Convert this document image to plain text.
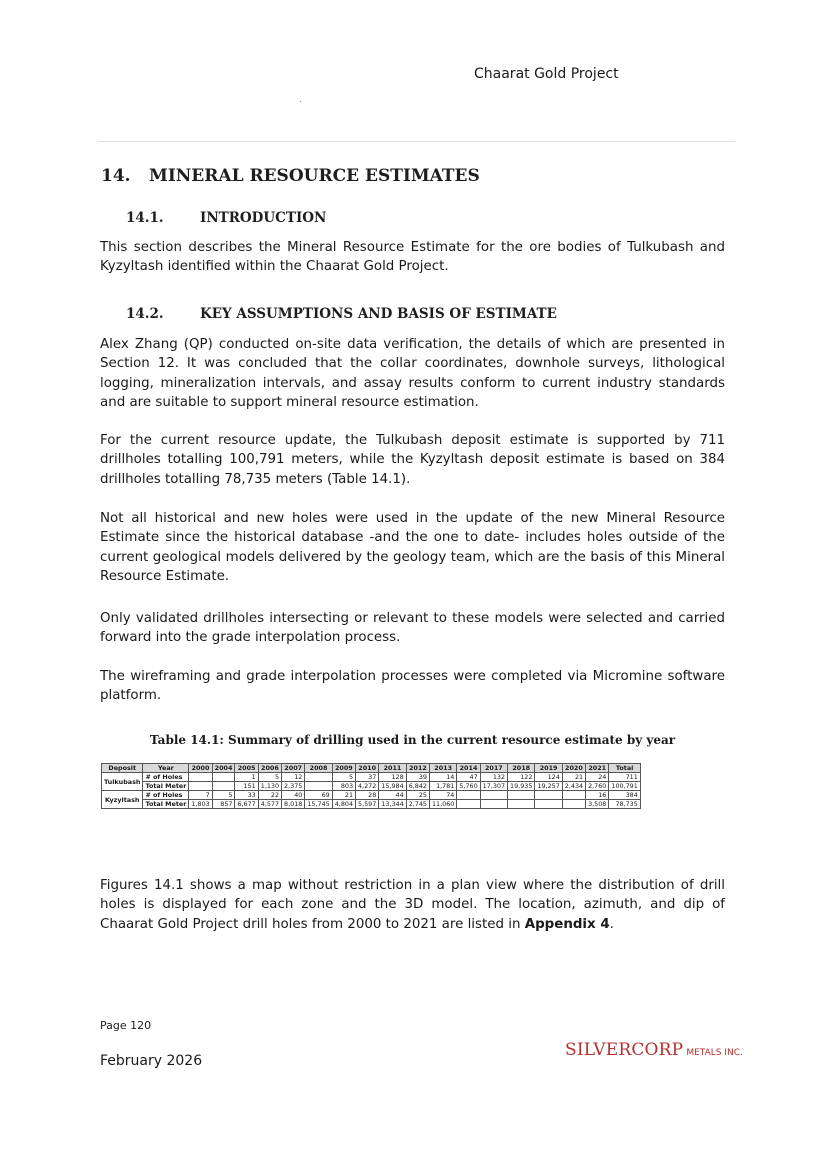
Chaarat Gold Project
14. MINERAL RESOURCE ESTIMATES
14.1.	INTRODUCTION

This section describes the Mineral Resource Estimate for the ore bodies of Tulkubash and Kyzyltash identified within the Chaarat Gold Project.

14.2.	KEY ASSUMPTIONS AND BASIS OF ESTIMATE

Alex Zhang (QP) conducted on-site data verification, the details of which are presented in Section 12. It was concluded that the collar coordinates, downhole surveys, lithological logging, mineralization intervals, and assay results conform to current industry standards and are suitable to support mineral resource estimation.

For the current resource update, the Tulkubash deposit estimate is supported by 711 drillholes totalling 100,791 meters, while the Kyzyltash deposit estimate is based on 384 drillholes totalling 78,735 meters (Table 14.1).

Not all historical and new holes were used in the update of the new Mineral Resource Estimate since the historical database -and the one to date- includes holes outside of the current geological models delivered by the geology team, which are the basis of this Mineral Resource Estimate.

Only validated drillholes intersecting or relevant to these models were selected and carried forward into the grade interpolation process.

The wireframing and grade interpolation processes were completed via Micromine software platform.

Table 14.1: Summary of drilling used in the current resource estimate by year
Deposit	Year	2000	2004	2005	2006	2007	2008	2009	2010	2011	2012	2013	2014	2017	2018	2019	2020	2021	Total
Tulkubash	# of Holes			1	5	12		5	37	128	39	14	47	132	122	124	21	24	711
	Total Meter			151	1,130	2,375		803	4,272	15,984	6,842	1,781	5,760	17,307	19,935	19,257	2,434	2,760	100,791
Kyzyltash	# of Holes	7	5	33	22	40	69	21	28	44	25	74						16	384
	Total Meter	1,803	857	6,677	4,577	8,018	15,745	4,804	5,597	13,344	2,745	11,060						3,508	78,735

Figures 14.1 shows a map without restriction in a plan view where the distribution of drill holes is displayed for each zone and the 3D model. The location, azimuth, and dip of Chaarat Gold Project drill holes from 2000 to 2021 are listed in Appendix 4.

Page 120
February 2026
SILVERCORP METALS INC.
